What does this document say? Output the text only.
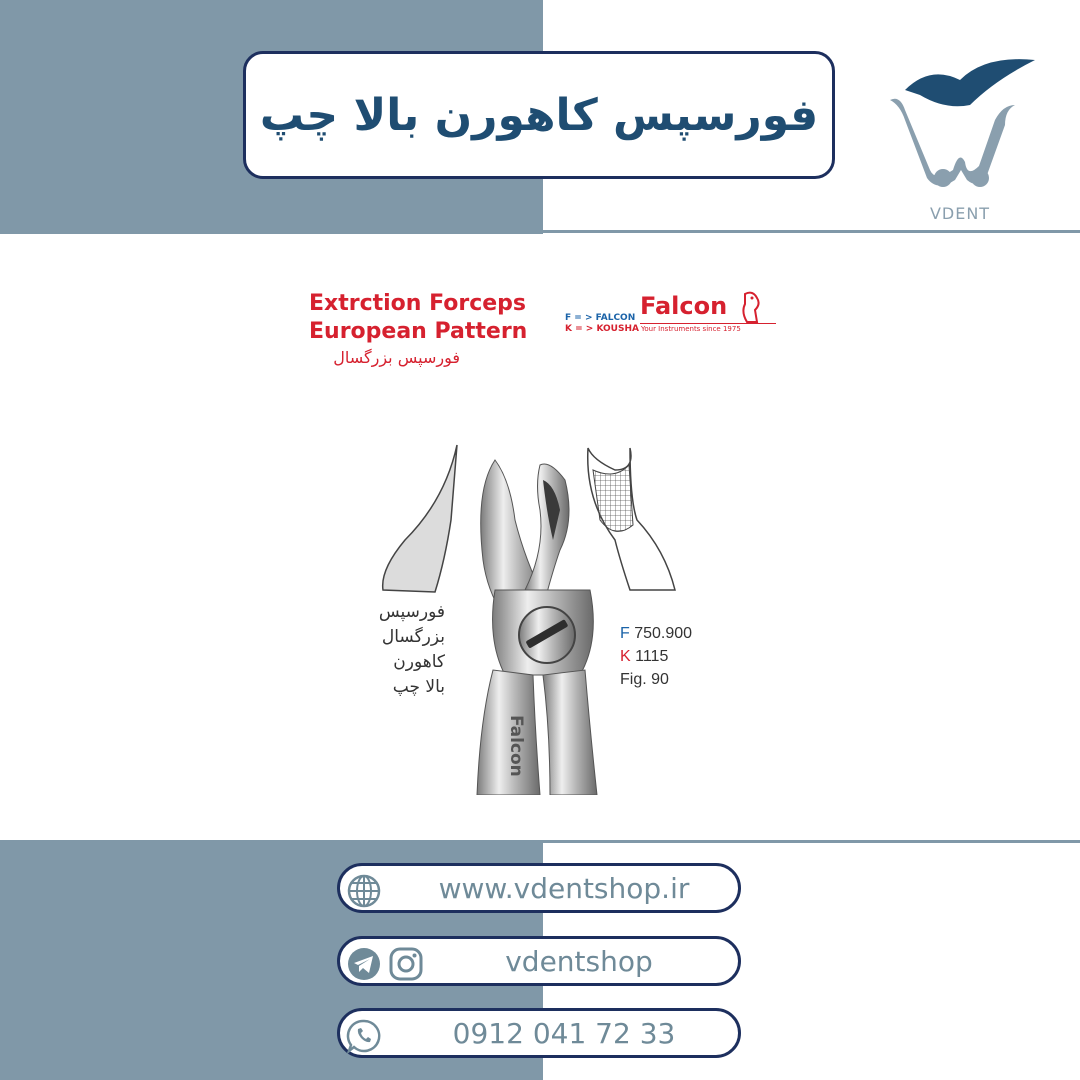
فورسپس کاهورن بالا چپ
VDENT
Extrction Forceps
European Pattern
فورسپس بزرگسال
F = > FALCON
K = > KOUSHA
Falcon
Your Instruments since 1975
Falcon
فورسپس
بزرگسال
کاهورن
بالا چپ
F 750.900
K 1115
Fig. 90
www.vdentshop.ir
vdentshop
0912 041 72 33
